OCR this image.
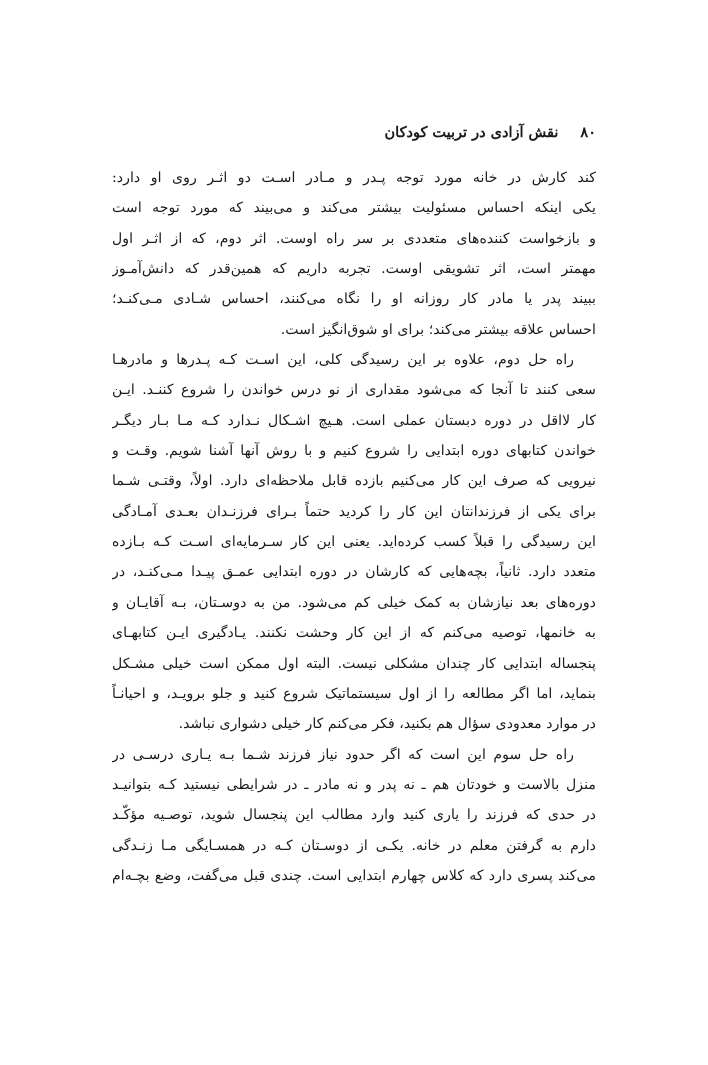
۸۰
نقش آزادی در تربیت کودکان
کند کارش در خانه مورد توجه پـدر و مـادر اسـت دو اثـر روی او دارد:
یکی اینکه احساس مسئولیت بیشتر می‌کند و می‌بیند که مورد توجه است
و بازخواست کننده‌های متعددی بر سر راه اوست. اثر دوم، که از اثـر اول
مهمتر است، اثر تشویقی اوست. تجربه داریم که همین‌قدر که دانش‌آمـوز
ببیند پدر یا مادر کار روزانه او را نگاه می‌کنند، احساس شـادی مـی‌کنـد؛
احساس علاقه بیشتر می‌کند؛ برای او شوق‌انگیز است.
راه حل دوم، علاوه بر این رسیدگی کلی، این اسـت کـه پـدرها و مادرهـا
سعی کنند تا آنجا که می‌شود مقداری از نو درس خواندن را شروع کننـد. ایـن
کار لااقل در دوره دبستان عملی است. هـیچ اشـکال نـدارد کـه مـا بـار دیگـر
خواندن کتابهای دوره ابتدایی را شروع کنیم و با روش آنها آشنا شویم. وقـت و
نیرویی که صرف این کار می‌کنیم بازده قابل ملاحظه‌ای دارد. اولاً، وقتـی شـما
برای یکی از فرزندانتان این کار را کردید حتماً بـرای فرزنـدان بعـدی آمـادگی
این رسیدگی را قبلاً کسب کرده‌اید. یعنی این کار سـرمایه‌ای اسـت کـه بـازده
متعدد دارد. ثانیاً، بچه‌هایی که کارشان در دوره ابتدایی عمـق پیـدا مـی‌کنـد، در
دوره‌های بعد نیازشان به کمک خیلی کم می‌شود. من به دوسـتان، بـه آقایـان و
به خانمها، توصیه می‌کنم که از این کار وحشت نکنند. یـادگیری ایـن کتابهـای
پنجساله ابتدایی کار چندان مشکلی نیست. البته اول ممکن است خیلی مشـکل
بنماید، اما اگر مطالعه را از اول سیستماتیک شروع کنید و جلو برویـد، و احیانـاً
در موارد معدودی سؤال هم بکنید، فکر می‌کنم کار خیلی دشواری نباشد.
راه حل سوم این است که اگر حدود نیاز فرزند شـما بـه یـاری درسـی در
منزل بالاست و خودتان هم ـ نه پدر و نه مادر ـ در شرایطی نیستید کـه بتوانیـد
در حدی که فرزند را یاری کنید وارد مطالب این پنجسال شوید، توصـیه مؤکّـد
دارم به گرفتن معلم در خانه. یکـی از دوسـتان کـه در همسـایگی مـا زنـدگی
می‌کند پسری دارد که کلاس چهارم ابتدایی است. چندی قبل می‌گفت، وضع بچـه‌ام
